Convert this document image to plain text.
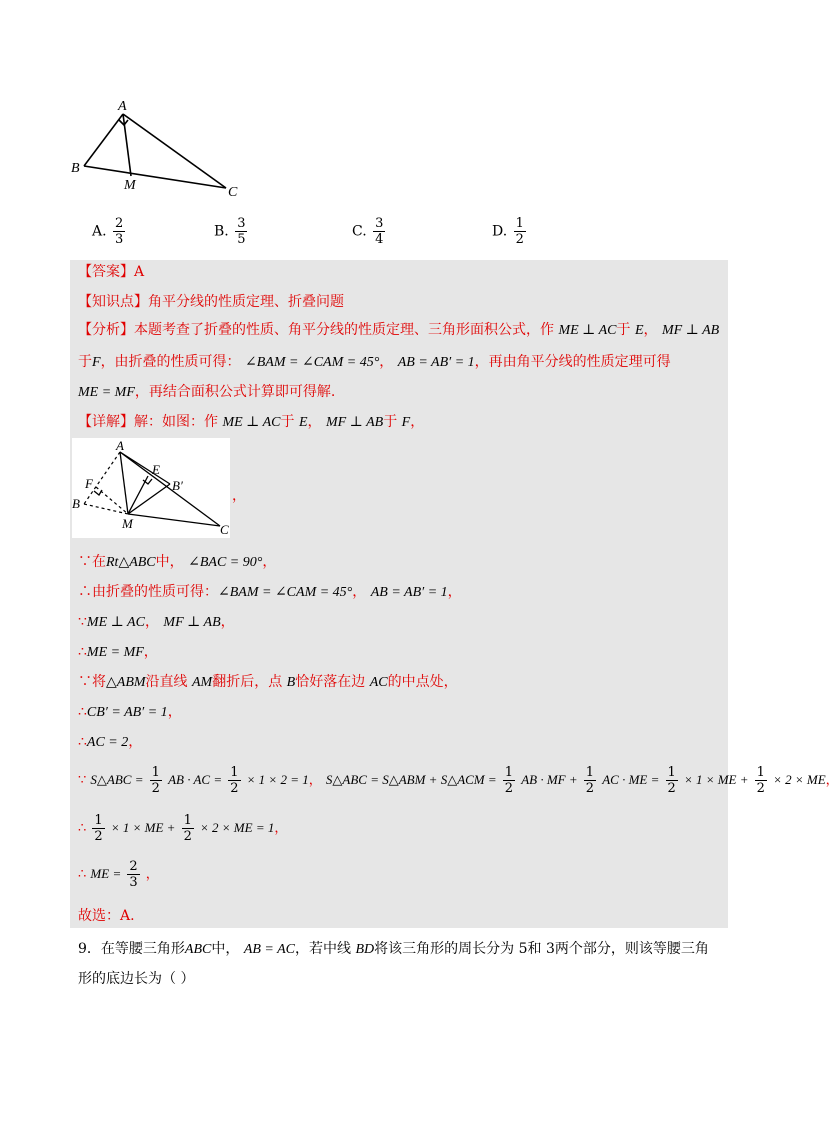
A
B
M	C
A. $\frac{2}{3}$	B. $\frac{3}{5}$	C. $\frac{3}{4}$	D. $\frac{1}{2}$
【答案】A
【知识点】角平分线的性质定理、折叠问题
【分析】本题考查了折叠的性质、角平分线的性质定理、三角形面积公式，作 ME ⊥ AC于 E， MF ⊥ AB
于F，由折叠的性质可得： ∠BAM = ∠CAM = 45°， AB = AB′ = 1，再由角平分线的性质定理可得
ME = MF，再结合面积公式计算即可得解.
【详解】解：如图：作 ME ⊥ AC于 E， MF ⊥ AB于 F，
A
E
F	B′
B
M	C
，
∵在Rt△ABC中， ∠BAC = 90°，
∴由折叠的性质可得：∠BAM = ∠CAM = 45°， AB = AB′ = 1，
∵ME ⊥ AC， MF ⊥ AB，
∴ME = MF，
∵将△ABM沿直线 AM翻折后，点 B恰好落在边 AC的中点处，
∴CB′ = AB′ = 1，
∴AC = 2，
∵ S△ABC = $\frac{1}{2}$ AB · AC = $\frac{1}{2} \times 1 \times 2 = 1$， S△ABC = S△ABM + S△ACM = $\frac{1}{2}$ AB · MF + $\frac{1}{2}$ AC · ME = $\frac{1}{2} \times 1$ × ME + $\frac{1}{2} \times 2$ × ME，
∴ $\frac{1}{2} \times 1$ × ME + $\frac{1}{2} \times 2$ × ME = 1，
∴ ME = $\frac{2}{3}$ ，
故选：A.
9．在等腰三角形ABC中， AB = AC，若中线 BD将该三角形的周长分为 5和 3两个部分，则该等腰三角
形的底边长为（ ）
